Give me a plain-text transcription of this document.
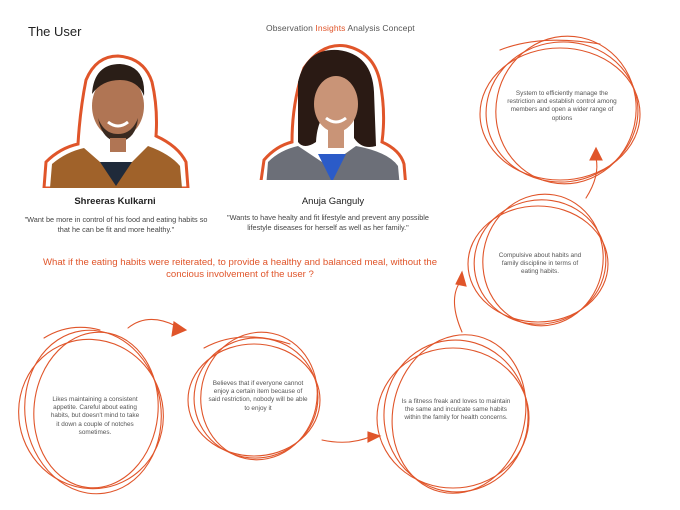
The User	Observation Insights Analysis Concept
Shreeras Kulkarni	Anuja Ganguly
"Want be more in control of his food and eating habits so that he can be fit and more healthy."
"Wants to have healty and fit lifestyle and prevent any possible lifestyle diseases for herself as well as her family."
What if the eating habits were reiterated, to provide a healthy and balanced meal, without the concious involvement of the user ?
Likes maintaining a consistent appetite. Careful about eating habits, but doesn't mind to take it down a couple of notches sometimes.
Believes that if everyone cannot enjoy a certain item because of said restriction, nobody will be able to enjoy it
Is a fitness freak and loves to maintain the same and inculcate same habits within the family for health concerns.
Compulsive about habits and family discipline in terms of eating habits.
System to efficiently manage the restriction and establish control among members and open a wider range of options
